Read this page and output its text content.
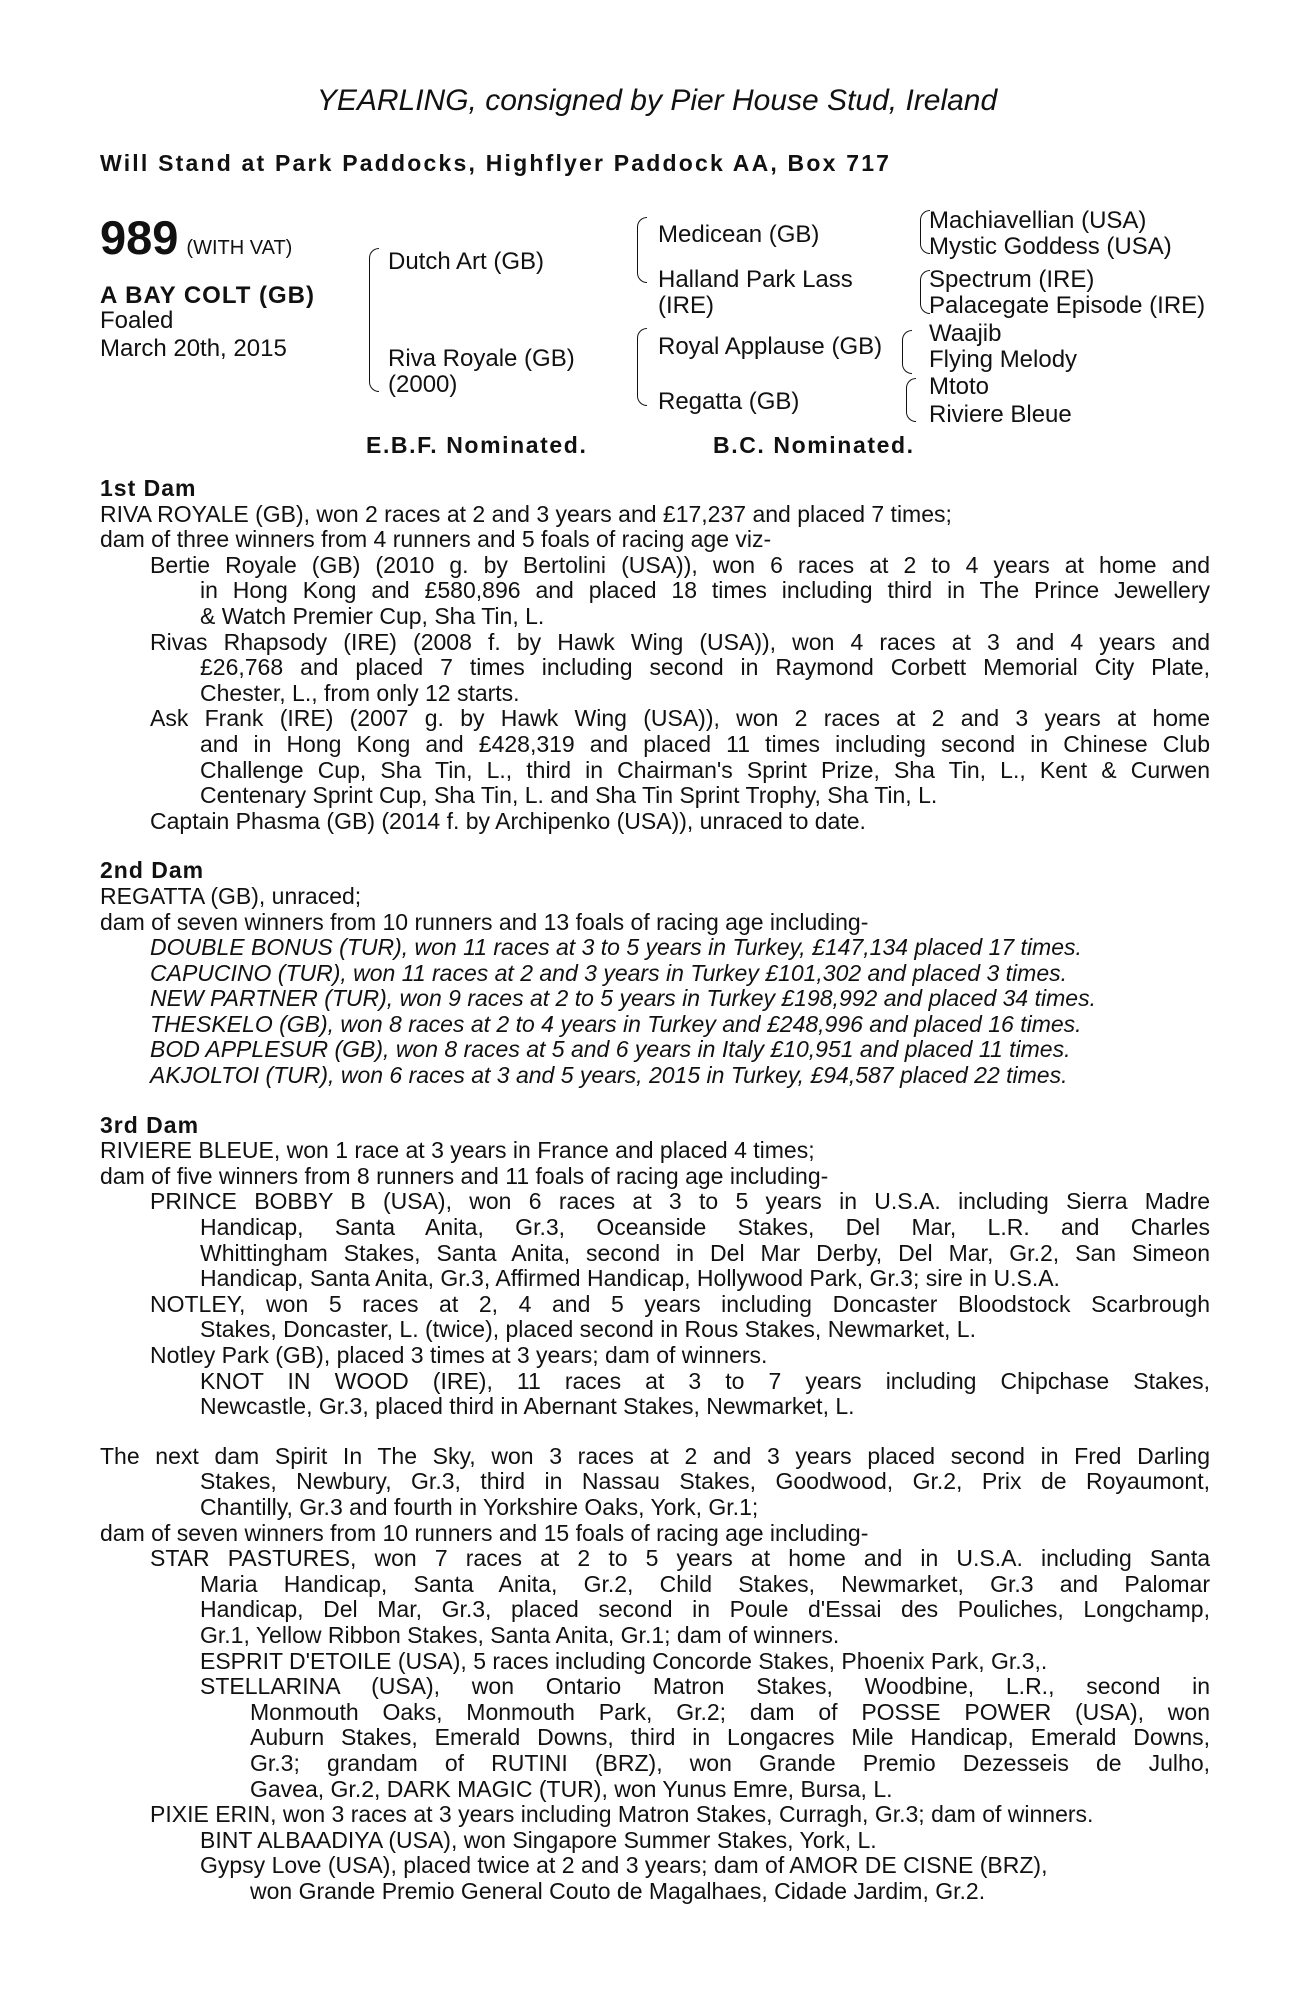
YEARLING, consigned by Pier House Stud, Ireland
Will Stand at Park Paddocks, Highflyer Paddock AA, Box 717
989 (WITH VAT)
A BAY COLT (GB)
Foaled
March 20th, 2015
Dutch Art (GB)
Riva Royale (GB)
(2000)
Medicean (GB)
Halland Park Lass
(IRE)
Royal Applause (GB)
Regatta (GB)
Machiavellian (USA)
Mystic Goddess (USA)
Spectrum (IRE)
Palacegate Episode (IRE)
Waajib
Flying Melody
Mtoto
Riviere Bleue
E.B.F. Nominated.	B.C. Nominated.
1st Dam
RIVA ROYALE (GB), won 2 races at 2 and 3 years and £17,237 and placed 7 times;
dam of three winners from 4 runners and 5 foals of racing age viz-
Bertie Royale (GB) (2010 g. by Bertolini (USA)), won 6 races at 2 to 4 years at home and
in Hong Kong and £580,896 and placed 18 times including third in The Prince Jewellery
& Watch Premier Cup, Sha Tin, L.
Rivas Rhapsody (IRE) (2008 f. by Hawk Wing (USA)), won 4 races at 3 and 4 years and
£26,768 and placed 7 times including second in Raymond Corbett Memorial City Plate,
Chester, L., from only 12 starts.
Ask Frank (IRE) (2007 g. by Hawk Wing (USA)), won 2 races at 2 and 3 years at home
and in Hong Kong and £428,319 and placed 11 times including second in Chinese Club
Challenge Cup, Sha Tin, L., third in Chairman's Sprint Prize, Sha Tin, L., Kent & Curwen
Centenary Sprint Cup, Sha Tin, L. and Sha Tin Sprint Trophy, Sha Tin, L.
Captain Phasma (GB) (2014 f. by Archipenko (USA)), unraced to date.
2nd Dam
REGATTA (GB), unraced;
dam of seven winners from 10 runners and 13 foals of racing age including-
DOUBLE BONUS (TUR), won 11 races at 3 to 5 years in Turkey, £147,134 placed 17 times.
CAPUCINO (TUR), won 11 races at 2 and 3 years in Turkey £101,302 and placed 3 times.
NEW PARTNER (TUR), won 9 races at 2 to 5 years in Turkey £198,992 and placed 34 times.
THESKELO (GB), won 8 races at 2 to 4 years in Turkey and £248,996 and placed 16 times.
BOD APPLESUR (GB), won 8 races at 5 and 6 years in Italy £10,951 and placed 11 times.
AKJOLTOI (TUR), won 6 races at 3 and 5 years, 2015 in Turkey, £94,587 placed 22 times.
3rd Dam
RIVIERE BLEUE, won 1 race at 3 years in France and placed 4 times;
dam of five winners from 8 runners and 11 foals of racing age including-
PRINCE BOBBY B (USA), won 6 races at 3 to 5 years in U.S.A. including Sierra Madre
Handicap, Santa Anita, Gr.3, Oceanside Stakes, Del Mar, L.R. and Charles
Whittingham Stakes, Santa Anita, second in Del Mar Derby, Del Mar, Gr.2, San Simeon
Handicap, Santa Anita, Gr.3, Affirmed Handicap, Hollywood Park, Gr.3; sire in U.S.A.
NOTLEY, won 5 races at 2, 4 and 5 years including Doncaster Bloodstock Scarbrough
Stakes, Doncaster, L. (twice), placed second in Rous Stakes, Newmarket, L.
Notley Park (GB), placed 3 times at 3 years; dam of winners.
KNOT IN WOOD (IRE), 11 races at 3 to 7 years including Chipchase Stakes,
Newcastle, Gr.3, placed third in Abernant Stakes, Newmarket, L.
The next dam Spirit In The Sky, won 3 races at 2 and 3 years placed second in Fred Darling
Stakes, Newbury, Gr.3, third in Nassau Stakes, Goodwood, Gr.2, Prix de Royaumont,
Chantilly, Gr.3 and fourth in Yorkshire Oaks, York, Gr.1;
dam of seven winners from 10 runners and 15 foals of racing age including-
STAR PASTURES, won 7 races at 2 to 5 years at home and in U.S.A. including Santa
Maria Handicap, Santa Anita, Gr.2, Child Stakes, Newmarket, Gr.3 and Palomar
Handicap, Del Mar, Gr.3, placed second in Poule d'Essai des Pouliches, Longchamp,
Gr.1, Yellow Ribbon Stakes, Santa Anita, Gr.1; dam of winners.
ESPRIT D'ETOILE (USA), 5 races including Concorde Stakes, Phoenix Park, Gr.3,.
STELLARINA (USA), won Ontario Matron Stakes, Woodbine, L.R., second in
Monmouth Oaks, Monmouth Park, Gr.2; dam of POSSE POWER (USA), won
Auburn Stakes, Emerald Downs, third in Longacres Mile Handicap, Emerald Downs,
Gr.3; grandam of RUTINI (BRZ), won Grande Premio Dezesseis de Julho,
Gavea, Gr.2, DARK MAGIC (TUR), won Yunus Emre, Bursa, L.
PIXIE ERIN, won 3 races at 3 years including Matron Stakes, Curragh, Gr.3; dam of winners.
BINT ALBAADIYA (USA), won Singapore Summer Stakes, York, L.
Gypsy Love (USA), placed twice at 2 and 3 years; dam of AMOR DE CISNE (BRZ),
won Grande Premio General Couto de Magalhaes, Cidade Jardim, Gr.2.
